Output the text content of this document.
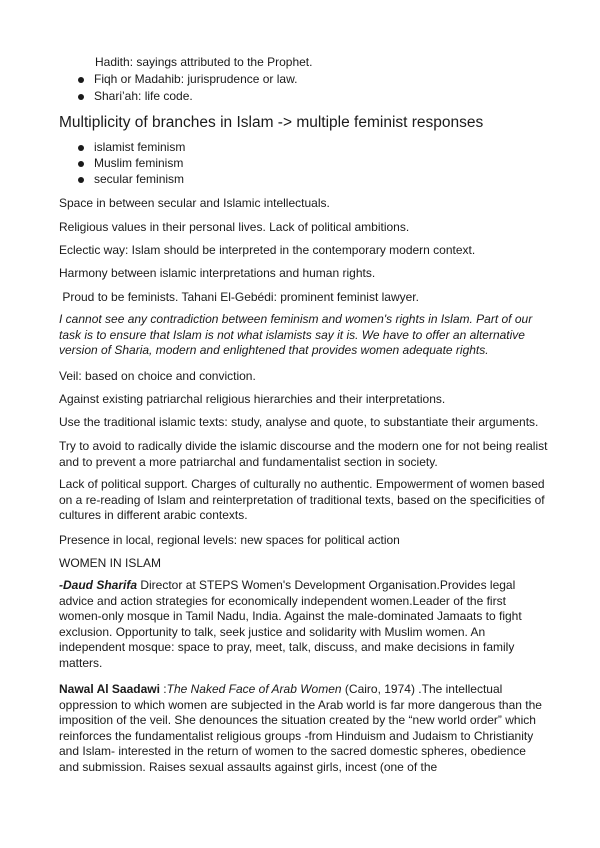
Hadith: sayings attributed to the Prophet.

Fiqh or Madahib: jurisprudence or law.
Shari’ah: life code.

Multiplicity of branches in Islam -> multiple feminist responses

islamist feminism
Muslim feminism
secular feminism

Space in between secular and Islamic intellectuals.

Religious values in their personal lives. Lack of political ambitions.

Eclectic way: Islam should be interpreted in the contemporary modern context.

Harmony between islamic interpretations and human rights.

Proud to be feminists. Tahani El-Gebédi: prominent feminist lawyer.

I cannot see any contradiction between feminism and women's rights in Islam. Part of our task is to ensure that Islam is not what islamists say it is. We have to offer an alternative version of Sharia, modern and enlightened that provides women adequate rights.

Veil: based on choice and conviction.

Against existing patriarchal religious hierarchies and their interpretations.

Use the traditional islamic texts: study, analyse and quote, to substantiate their arguments.

Try to avoid to radically divide the islamic discourse and the modern one for not being realist and to prevent a more patriarchal and fundamentalist section in society.

Lack of political support. Charges of culturally no authentic. Empowerment of women based on a re-reading of Islam and reinterpretation of traditional texts, based on the specificities of cultures in different arabic contexts.

Presence in local, regional levels: new spaces for political action

WOMEN IN ISLAM

-Daud Sharifa Director at STEPS Women's Development Organisation.Provides legal advice and action strategies for economically independent women.Leader of the first women-only mosque in Tamil Nadu, India. Against the male-dominated Jamaats to fight exclusion. Opportunity to talk, seek justice and solidarity with Muslim women. An independent mosque: space to pray, meet, talk, discuss, and make decisions in family matters.

Nawal Al Saadawi :The Naked Face of Arab Women (Cairo, 1974) .The intellectual oppression to which women are subjected in the Arab world is far more dangerous than the imposition of the veil. She denounces the situation created by the “new world order” which reinforces the fundamentalist religious groups -from Hinduism and Judaism to Christianity and Islam- interested in the return of women to the sacred domestic spheres, obedience and submission. Raises sexual assaults against girls, incest (one of the
